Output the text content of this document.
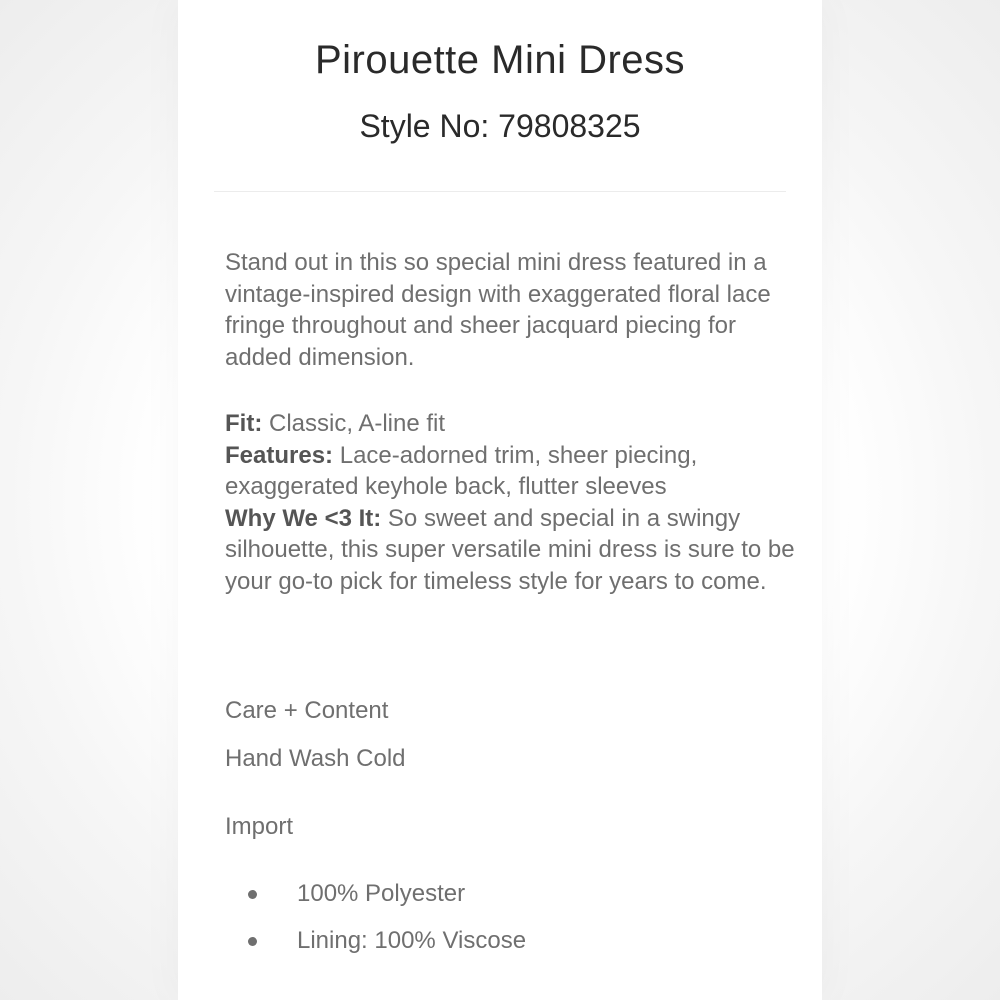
Pirouette Mini Dress
Style No: 79808325

Stand out in this so special mini dress featured in a vintage-inspired design with exaggerated floral lace fringe throughout and sheer jacquard piecing for added dimension.

Fit: Classic, A-line fit

Features: Lace-adorned trim, sheer piecing, exaggerated keyhole back, flutter sleeves

Why We <3 It: So sweet and special in a swingy silhouette, this super versatile mini dress is sure to be your go-to pick for timeless style for years to come.

Care + Content
Hand Wash Cold
Import
100% Polyester
Lining: 100% Viscose
